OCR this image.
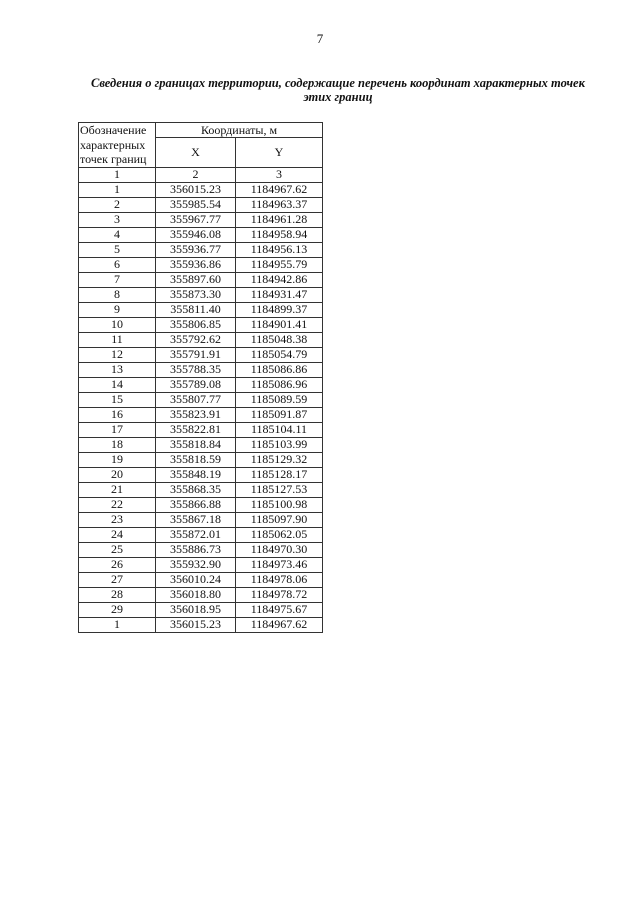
7
Сведения о границах территории, содержащие перечень координат характерных точек
этих границ
Обозначение
характерных
точек границ	Координаты, м	
	X	Y
1	2	3
1	356015.23	1184967.62
2	355985.54	1184963.37
3	355967.77	1184961.28
4	355946.08	1184958.94
5	355936.77	1184956.13
6	355936.86	1184955.79
7	355897.60	1184942.86
8	355873.30	1184931.47
9	355811.40	1184899.37
10	355806.85	1184901.41
11	355792.62	1185048.38
12	355791.91	1185054.79
13	355788.35	1185086.86
14	355789.08	1185086.96
15	355807.77	1185089.59
16	355823.91	1185091.87
17	355822.81	1185104.11
18	355818.84	1185103.99
19	355818.59	1185129.32
20	355848.19	1185128.17
21	355868.35	1185127.53
22	355866.88	1185100.98
23	355867.18	1185097.90
24	355872.01	1185062.05
25	355886.73	1184970.30
26	355932.90	1184973.46
27	356010.24	1184978.06
28	356018.80	1184978.72
29	356018.95	1184975.67
1	356015.23	1184967.62
